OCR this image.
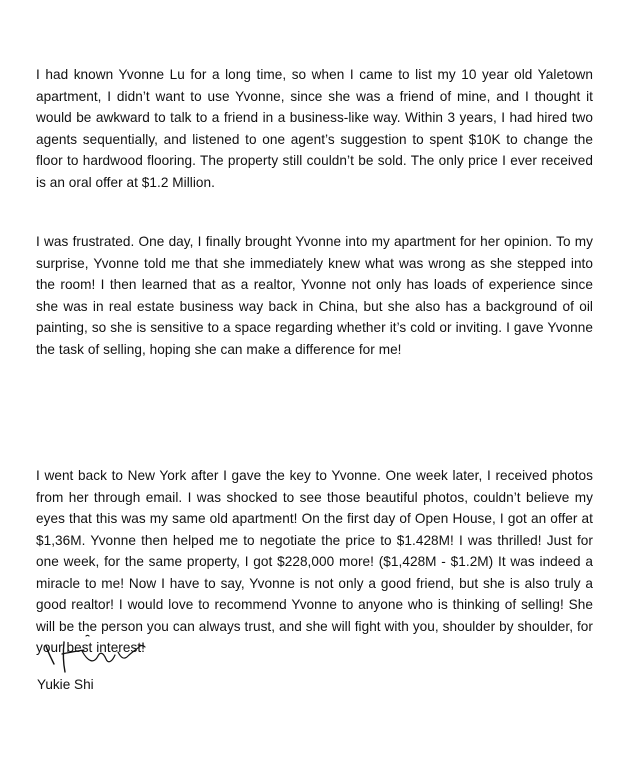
I had known Yvonne Lu for a long time, so when I came to list my 10 year old Yaletown apartment, I didn’t want to use Yvonne, since she was a friend of mine, and I thought it would be awkward to talk to a friend in a business-like way. Within 3 years, I had hired two agents sequentially, and listened to one agent’s suggestion to spent $10K to change the floor to hardwood flooring. The property still couldn’t be sold. The only price I ever received is an oral offer at $1.2 Million.

I was frustrated. One day, I finally brought Yvonne into my apartment for her opinion. To my surprise, Yvonne told me that she immediately knew what was wrong as she stepped into the room! I then learned that as a realtor, Yvonne not only has loads of experience since she was in real estate business way back in China, but she also has a background of oil painting, so she is sensitive to a space regarding whether it’s cold or inviting. I gave Yvonne the task of selling, hoping she can make a difference for me!

I went back to New York after I gave the key to Yvonne. One week later, I received photos from her through email. I was shocked to see those beautiful photos, couldn’t believe my eyes that this was my same old apartment! On the first day of Open House, I got an offer at $1,36M. Yvonne then helped me to negotiate the price to $1.428M! I was thrilled! Just for one week, for the same property, I got $228,000 more! ($1,428M - $1.2M) It was indeed a miracle to me! Now I have to say, Yvonne is not only a good friend, but she is also truly a good realtor! I would love to recommend Yvonne to anyone who is thinking of selling! She will be the person you can always trust, and she will fight with you, shoulder by shoulder, for your best interest!

Yukie Shi
